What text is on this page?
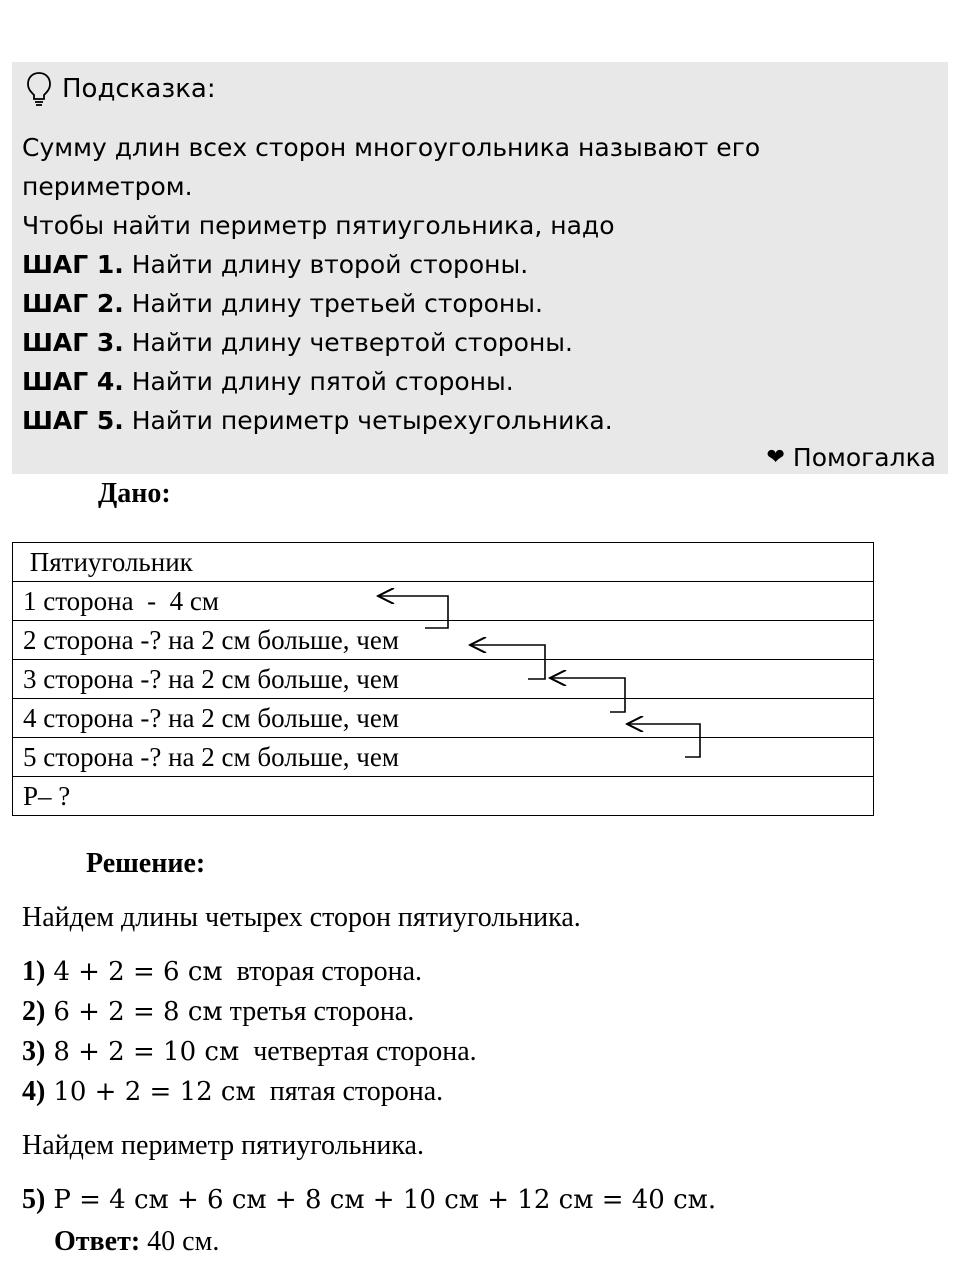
Подсказка:
Сумму длин всех сторон многоугольника называют его
периметром.
Чтобы найти периметр пятиугольника, надо
ШАГ 1. Найти длину второй стороны.
ШАГ 2. Найти длину третьей стороны.
ШАГ 3. Найти длину четвертой стороны.
ШАГ 4. Найти длину пятой стороны.
ШАГ 5. Найти периметр четырехугольника.
❤ Помогалка
Дано:
Пятиугольник
1 сторона  -  4 см
2 сторона -? на 2 см больше, чем
3 сторона -? на 2 см больше, чем
4 сторона -? на 2 см больше, чем
5 сторона -? на 2 см больше, чем
Р– ?
Решение:
Найдем длины четырех сторон пятиугольника.
1) 4 + 2 = 6 см  вторая сторона.
2) 6 + 2 = 8 см третья сторона.
3) 8 + 2 = 10 см  четвертая сторона.
4) 10 + 2 = 12 см  пятая сторона.
Найдем периметр пятиугольника.
5) Р = 4 см + 6 см + 8 см + 10 см + 12 см = 40 см.
Ответ: 40 см.
